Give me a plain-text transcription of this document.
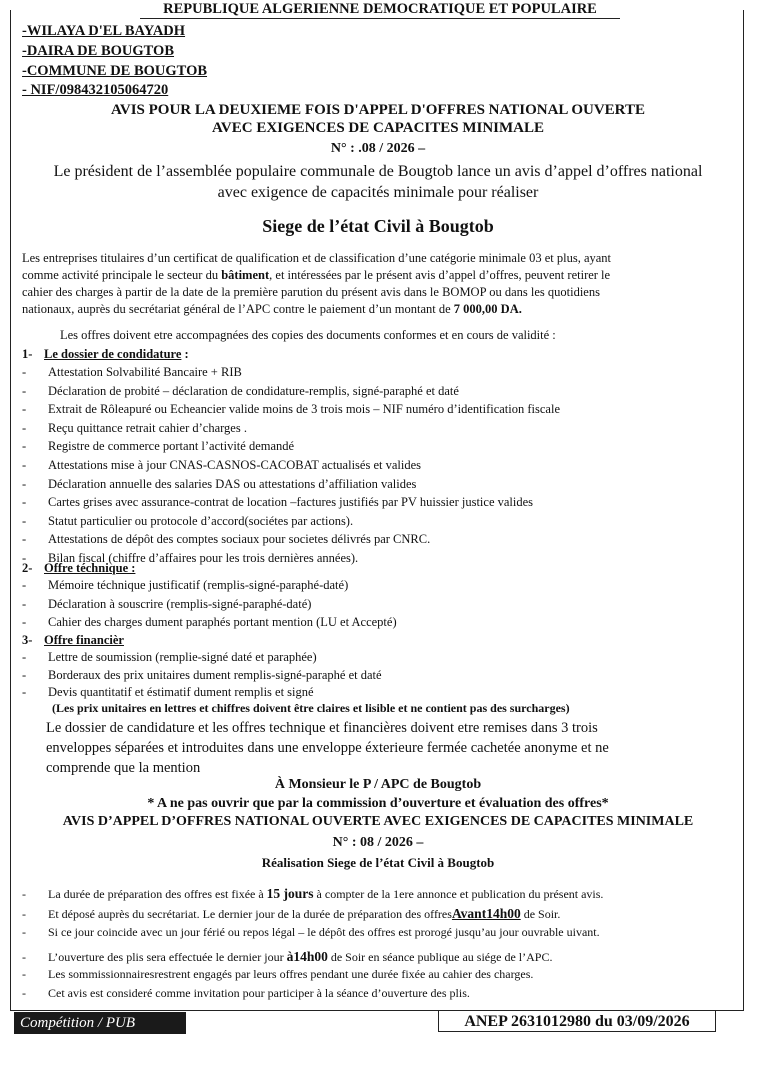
REPUBLIQUE ALGERIENNE DEMOCRATIQUE ET POPULAIRE
-WILAYA D'EL BAYADH
-DAIRA DE BOUGTOB
-COMMUNE DE BOUGTOB
- NIF/098432105064720
AVIS POUR LA DEUXIEME FOIS D'APPEL D'OFFRES NATIONAL OUVERTE
AVEC EXIGENCES DE CAPACITES MINIMALE
N° : .08 / 2026 –
Le président de l’assemblée populaire communale de Bougtob lance un avis d’appel d’offres national
avec exigence de capacités minimale pour réaliser
Siege de l’état Civil à Bougtob
Les entreprises titulaires d’un certificat de qualification et de classification d’une catégorie minimale 03 et plus, ayant
comme activité principale le secteur du bâtiment, et intéressées par le présent avis d’appel d’offres, peuvent retirer le
cahier des charges à partir de la date de la première parution du présent avis dans le BOMOP ou dans les quotidiens
nationaux, auprès du secrétariat général de l’APC contre le paiement d’un montant de 7 000,00 DA.
Les offres doivent etre accompagnées des copies des documents conformes et en cours de validité :
1- Le dossier de condidature :
- Attestation Solvabilité Bancaire + RIB
- Déclaration de probité – déclaration de condidature-remplis, signé-paraphé et daté
- Extrait de Rôleapuré ou Echeancier valide moins de 3 trois mois – NIF numéro d’identification fiscale
- Reçu quittance retrait cahier d’charges .
- Registre de commerce portant l’activité demandé
- Attestations mise à jour CNAS-CASNOS-CACOBAT actualisés et valides
- Déclaration annuelle des salaries DAS ou attestations d’affiliation valides
- Cartes grises avec assurance-contrat de location –factures justifiés par PV huissier justice valides
- Statut particulier ou protocole d’accord(sociétes par actions).
- Attestations de dépôt des comptes sociaux pour societes délivrés par CNRC.
- Bilan fiscal (chiffre d’affaires pour les trois dernières années).
2- Offre téchnique :
- Mémoire téchnique justificatif (remplis-signé-paraphé-daté)
- Déclaration à souscrire (remplis-signé-paraphé-daté)
- Cahier des charges dument paraphés portant mention (LU et Accepté)
3- Offre financièr
- Lettre de soumission (remplie-signé daté et paraphée)
- Borderaux des prix unitaires dument remplis-signé-paraphé et daté
- Devis quantitatif et éstimatif dument remplis et signé
(Les prix unitaires en lettres et chiffres doivent être claires et lisible et ne contient pas des surcharges)
Le dossier de candidature et les offres technique et financières doivent etre remises dans 3 trois
enveloppes séparées et introduites dans une enveloppe éxterieure fermée cachetée anonyme et ne
comprende que la mention
À Monsieur le P / APC de Bougtob
* A ne pas ouvrir que par la commission d’ouverture et évaluation des offres*
AVIS D’APPEL D’OFFRES NATIONAL OUVERTE AVEC EXIGENCES DE CAPACITES MINIMALE
N° : 08 / 2026 –
Réalisation Siege de l’état Civil à Bougtob
- La durée de préparation des offres est fixée à 15 jours à compter de la 1ere annonce et publication du présent avis.
- Et déposé auprès du secrétariat. Le dernier jour de la durée de préparation des offresAvant14h00 de Soir.
- Si ce jour coincide avec un jour férié ou repos légal – le dépôt des offres est prorogé jusqu’au jour ouvrable uivant.
- L’ouverture des plis sera effectuée le dernier jour à14h00 de Soir en séance publique au siége de l’APC.
- Les sommissionnairesrestrent engagés par leurs offres pendant une durée fixée au cahier des charges.
- Cet avis est consideré comme invitation pour participer à la séance d’ouverture des plis.
Compétition / PUB	ANEP 2631012980 du 03/09/2026
